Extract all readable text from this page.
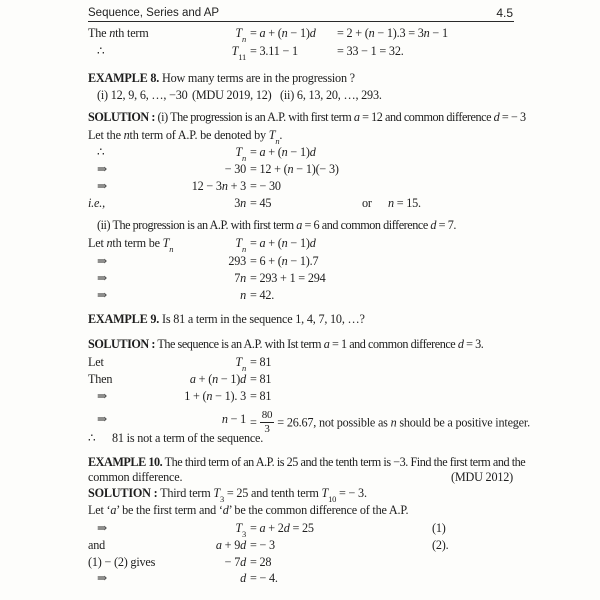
Sequence, Series and AP	4.5
The nth term	$T_n = a + (n - 1)d = 2 + (n - 1).3 = 3n - 1$
∴	$T_{11} = 3.11 - 1$	= 33 − 1 = 32.
EXAMPLE 8. How many terms are in the progression ?
(i) 12, 9, 6, …, −30 (MDU 2019, 12) (ii) 6, 13, 20, …, 293.
SOLUTION : (i) The progression is an A.P. with first term a = 12 and common difference d = − 3
Let the nth term of A.P. be denoted by $T_n$.
∴	$T_n = a + (n - 1)d$
⇒	− 30 = 12 + (n − 1)(− 3)
⇒	12 − 3n + 3 = − 30
i.e.,	3n = 45	or n = 15.
(ii) The progression is an A.P. with first term a = 6 and common difference d = 7.
Let nth term be $T_n$	$T_n = a + (n - 1)d$
⇒	293 = 6 + (n − 1).7
⇒	7n = 293 + 1 = 294
⇒	n = 42.
EXAMPLE 9. Is 81 a term in the sequence 1, 4, 7, 10, …?
SOLUTION : The sequence is an A.P. with Ist term a = 1 and common difference d = 3.
Let	$T_n = 81$
Then	a + (n − 1)d = 81
⇒	1 + (n − 1). 3 = 81
⇒	$n - 1 = \frac{80}{3} = 26.67$, not possible as n should be a positive integer.
∴ 81 is not a term of the sequence.
EXAMPLE 10. The third term of an A.P. is 25 and the tenth term is −3. Find the first term and the
common difference.	(MDU 2012)
SOLUTION : Third term $T_3 = 25$ and tenth term $T_{10}$ = − 3.
Let ‘a’ be the first term and ‘d’ be the common difference of the A.P.
⇒	$T_3 = a + 2d = 25$	(1)
and	a + 9d = − 3	(2).
(1) − (2) gives	− 7d = 28
⇒	d = − 4.
